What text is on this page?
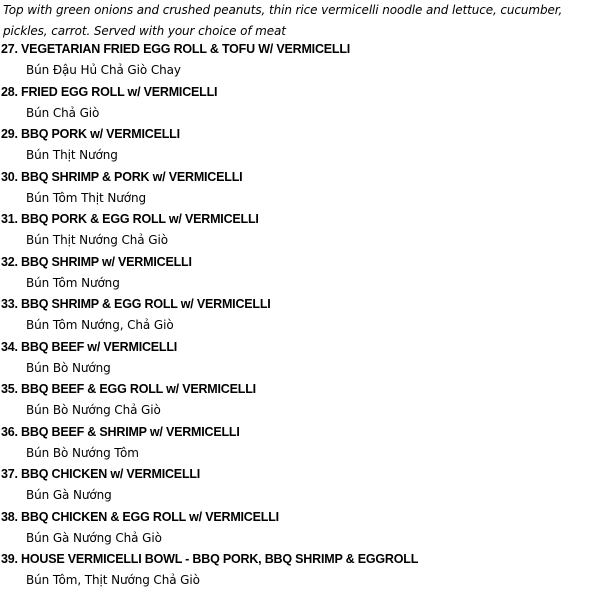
Top with green onions and crushed peanuts, thin rice vermicelli noodle and lettuce, cucumber,
pickles, carrot. Served with your choice of meat
27. VEGETARIAN FRIED EGG ROLL & TOFU W/ VERMICELLI
Bún Đậu Hủ Chả Giò Chay
28. FRIED EGG ROLL w/ VERMICELLI
Bún Chả Giò
29. BBQ PORK w/ VERMICELLI
Bún Thịt Nướng
30. BBQ SHRIMP & PORK w/ VERMICELLI
Bún Tôm Thịt Nướng
31. BBQ PORK & EGG ROLL w/ VERMICELLI
Bún Thịt Nướng Chả Giò
32. BBQ SHRIMP w/ VERMICELLI
Bún Tôm Nướng
33. BBQ SHRIMP & EGG ROLL w/ VERMICELLI
Bún Tôm Nướng, Chả Giò
34. BBQ BEEF w/ VERMICELLI
Bún Bò Nướng
35. BBQ BEEF & EGG ROLL w/ VERMICELLI
Bún Bò Nướng Chả Giò
36. BBQ BEEF & SHRIMP w/ VERMICELLI
Bún Bò Nướng Tôm
37. BBQ CHICKEN w/ VERMICELLI
Bún Gà Nướng
38. BBQ CHICKEN & EGG ROLL w/ VERMICELLI
Bún Gà Nướng Chả Giò
39. HOUSE VERMICELLI BOWL - BBQ PORK, BBQ SHRIMP & EGGROLL
Bún Tôm, Thịt Nướng Chả Giò
